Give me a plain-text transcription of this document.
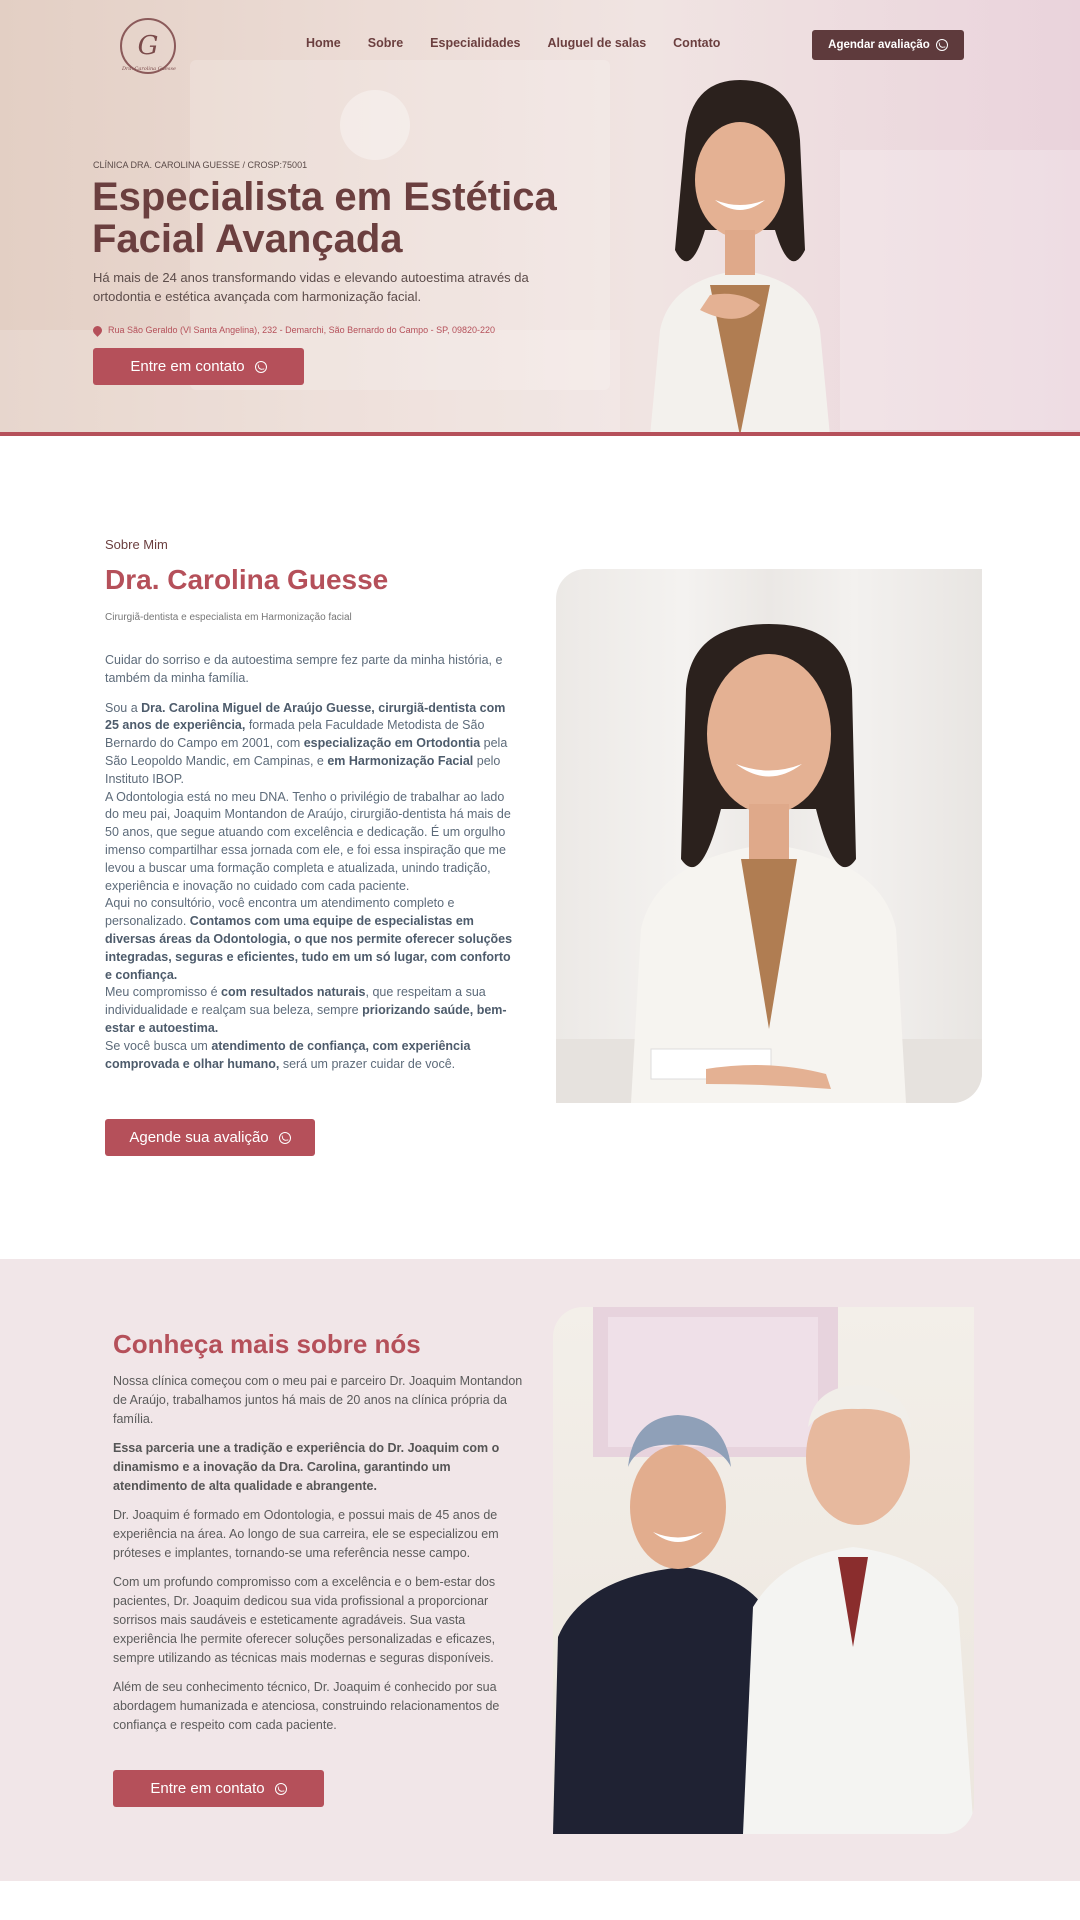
G
Dra. Carolina Guesse
Home Sobre Especialidades Aluguel de salas Contato	Agendar avaliação
CLÍNICA DRA. CAROLINA GUESSE / CROSP:75001
Especialista em Estética Facial Avançada

Há mais de 24 anos transformando vidas e elevando autoestima através da ortodontia e estética avançada com harmonização facial.

Rua São Geraldo (Vl Santa Angelina), 232 - Demarchi, São Bernardo do Campo - SP, 09820-220
Entre em contato
Sobre Mim
Dra. Carolina Guesse
Cirurgiã-dentista e especialista em Harmonização facial

Cuidar do sorriso e da autoestima sempre fez parte da minha história, e também da minha família.

Sou a Dra. Carolina Miguel de Araújo Guesse, cirurgiã-dentista com 25 anos de experiência, formada pela Faculdade Metodista de São Bernardo do Campo em 2001, com especialização em Ortodontia pela São Leopoldo Mandic, em Campinas, e em Harmonização Facial pelo Instituto IBOP.

A Odontologia está no meu DNA. Tenho o privilégio de trabalhar ao lado do meu pai, Joaquim Montandon de Araújo, cirurgião-dentista há mais de 50 anos, que segue atuando com excelência e dedicação. É um orgulho imenso compartilhar essa jornada com ele, e foi essa inspiração que me levou a buscar uma formação completa e atualizada, unindo tradição, experiência e inovação no cuidado com cada paciente.

Aqui no consultório, você encontra um atendimento completo e personalizado. Contamos com uma equipe de especialistas em diversas áreas da Odontologia, o que nos permite oferecer soluções integradas, seguras e eficientes, tudo em um só lugar, com conforto e confiança.

Meu compromisso é com resultados naturais, que respeitam a sua individualidade e realçam sua beleza, sempre priorizando saúde, bem-estar e autoestima.

Se você busca um atendimento de confiança, com experiência comprovada e olhar humano, será um prazer cuidar de você.

Agende sua avalição
Conheça mais sobre nós

Nossa clínica começou com o meu pai e parceiro Dr. Joaquim Montandon de Araújo, trabalhamos juntos há mais de 20 anos na clínica própria da família.

Essa parceria une a tradição e experiência do Dr. Joaquim com o dinamismo e a inovação da Dra. Carolina, garantindo um atendimento de alta qualidade e abrangente.

Dr. Joaquim é formado em Odontologia, e possui mais de 45 anos de experiência na área. Ao longo de sua carreira, ele se especializou em próteses e implantes, tornando-se uma referência nesse campo.

Com um profundo compromisso com a excelência e o bem-estar dos pacientes, Dr. Joaquim dedicou sua vida profissional a proporcionar sorrisos mais saudáveis e esteticamente agradáveis. Sua vasta experiência lhe permite oferecer soluções personalizadas e eficazes, sempre utilizando as técnicas mais modernas e seguras disponíveis.

Além de seu conhecimento técnico, Dr. Joaquim é conhecido por sua abordagem humanizada e atenciosa, construindo relacionamentos de confiança e respeito com cada paciente.

Entre em contato
